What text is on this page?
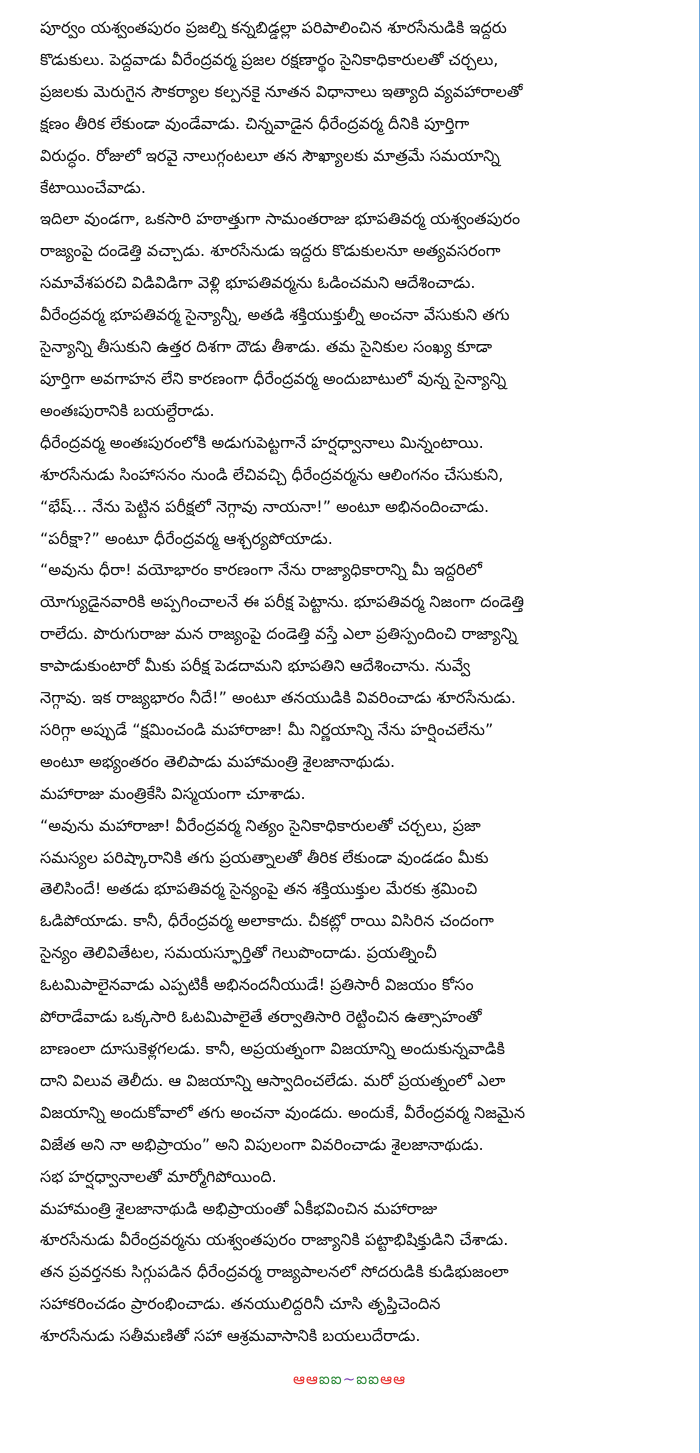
పూర్వం యశ్వంతపురం ప్రజల్ని కన్నబిడ్డల్లా పరిపాలించిన శూరసేనుడికి ఇద్దరు
కొడుకులు. పెద్దవాడు వీరేంద్రవర్మ ప్రజల రక్షణార్థం సైనికాధికారులతో చర్చలు,
ప్రజలకు మెరుగైన సౌకర్యాల కల్పనకై నూతన విధానాలు ఇత్యాది వ్యవహారాలతో
క్షణం తీరిక లేకుండా వుండేవాడు. చిన్నవాడైన ధీరేంద్రవర్మ దీనికి పూర్తిగా
విరుద్ధం. రోజులో ఇరవై నాలుగ్గంటలూ తన సౌఖ్యాలకు మాత్రమే సమయాన్ని
కేటాయించేవాడు.

ఇదిలా వుండగా, ఒకసారి హఠాత్తుగా సామంతరాజు భూపతివర్మ యశ్వంతపురం
రాజ్యంపై దండెత్తి వచ్చాడు. శూరసేనుడు ఇద్దరు కొడుకులనూ అత్యవసరంగా
సమావేశపరచి విడివిడిగా వెళ్లి భూపతివర్మను ఓడించమని ఆదేశించాడు.
వీరేంద్రవర్మ భూపతివర్మ సైన్యాన్నీ, అతడి శక్తియుక్తుల్నీ అంచనా వేసుకుని తగు
సైన్యాన్ని తీసుకుని ఉత్తర దిశగా దౌడు తీశాడు. తమ సైనికుల సంఖ్య కూడా
పూర్తిగా అవగాహన లేని కారణంగా ధీరేంద్రవర్మ అందుబాటులో వున్న సైన్యాన్ని
అంతఃపురానికి బయల్దేరాడు.

ధీరేంద్రవర్మ అంతఃపురంలోకి అడుగుపెట్టగానే హర్షధ్వానాలు మిన్నంటాయి.
శూరసేనుడు సింహాసనం నుండి లేచివచ్చి ధీరేంద్రవర్మను ఆలింగనం చేసుకుని,
“భేష్... నేను పెట్టిన పరీక్షలో నెగ్గావు నాయనా!” అంటూ అభినందించాడు.

“పరీక్షా?” అంటూ ధీరేంద్రవర్మ ఆశ్చర్యపోయాడు.

“అవును ధీరా! వయోభారం కారణంగా నేను రాజ్యాధికారాన్ని మీ ఇద్దరిలో
యోగ్యుడైనవారికి అప్పగించాలనే ఈ పరీక్ష పెట్టాను. భూపతివర్మ నిజంగా దండెత్తి
రాలేదు. పొరుగురాజు మన రాజ్యంపై దండెత్తి వస్తే ఎలా ప్రతిస్పందించి రాజ్యాన్ని
కాపాడుకుంటారో మీకు పరీక్ష పెడదామని భూపతిని ఆదేశించాను. నువ్వే
నెగ్గావు. ఇక రాజ్యభారం నీదే!” అంటూ తనయుడికి వివరించాడు శూరసేనుడు.

సరిగ్గా అప్పుడే “క్షమించండి మహారాజా! మీ నిర్ణయాన్ని నేను హర్షించలేను”
అంటూ అభ్యంతరం తెలిపాడు మహామంత్రి శైలజానాథుడు.

మహారాజు మంత్రికేసి విస్మయంగా చూశాడు.

“అవును మహారాజా! వీరేంద్రవర్మ నిత్యం సైనికాధికారులతో చర్చలు, ప్రజా
సమస్యల పరిష్కారానికి తగు ప్రయత్నాలతో తీరిక లేకుండా వుండడం మీకు
తెలిసిందే! అతడు భూపతివర్మ సైన్యంపై తన శక్తియుక్తుల మేరకు శ్రమించి
ఓడిపోయాడు. కానీ, ధీరేంద్రవర్మ అలాకాదు. చీకట్లో రాయి విసిరిన చందంగా
సైన్యం తెలివితేటల, సమయస్ఫూర్తితో గెలుపొందాడు. ప్రయత్నించీ
ఓటమిపాలైనవాడు ఎప్పటికీ అభినందనీయుడే! ప్రతిసారీ విజయం కోసం
పోరాడేవాడు ఒక్కసారి ఓటమిపాలైతే తర్వాతిసారి రెట్టించిన ఉత్సాహంతో
బాణంలా దూసుకెళ్లగలడు. కానీ, అప్రయత్నంగా విజయాన్ని అందుకున్నవాడికి
దాని విలువ తెలీదు. ఆ విజయాన్ని ఆస్వాదించలేడు. మరో ప్రయత్నంలో ఎలా
విజయాన్ని అందుకోవాలో తగు అంచనా వుండదు. అందుకే, వీరేంద్రవర్మ నిజమైన
విజేత అని నా అభిప్రాయం” అని విపులంగా వివరించాడు శైలజానాథుడు.

సభ హర్షధ్వానాలతో మార్మోగిపోయింది.

మహామంత్రి శైలజానాథుడి అభిప్రాయంతో ఏకీభవించిన మహారాజు
శూరసేనుడు వీరేంద్రవర్మను యశ్వంతపురం రాజ్యానికి పట్టాభిషిక్తుడిని చేశాడు.
తన ప్రవర్తనకు సిగ్గుపడిన ధీరేంద్రవర్మ రాజ్యపాలనలో సోదరుడికి కుడిభుజంలా
సహాకరించడం ప్రారంభించాడు. తనయులిద్దరినీ చూసి తృప్తిచెందిన
శూరసేనుడు సతీమణితో సహా ఆశ్రమవాసానికి బయలుదేరాడు.

ఆఆఐఐ~ఐఐఆఆ
